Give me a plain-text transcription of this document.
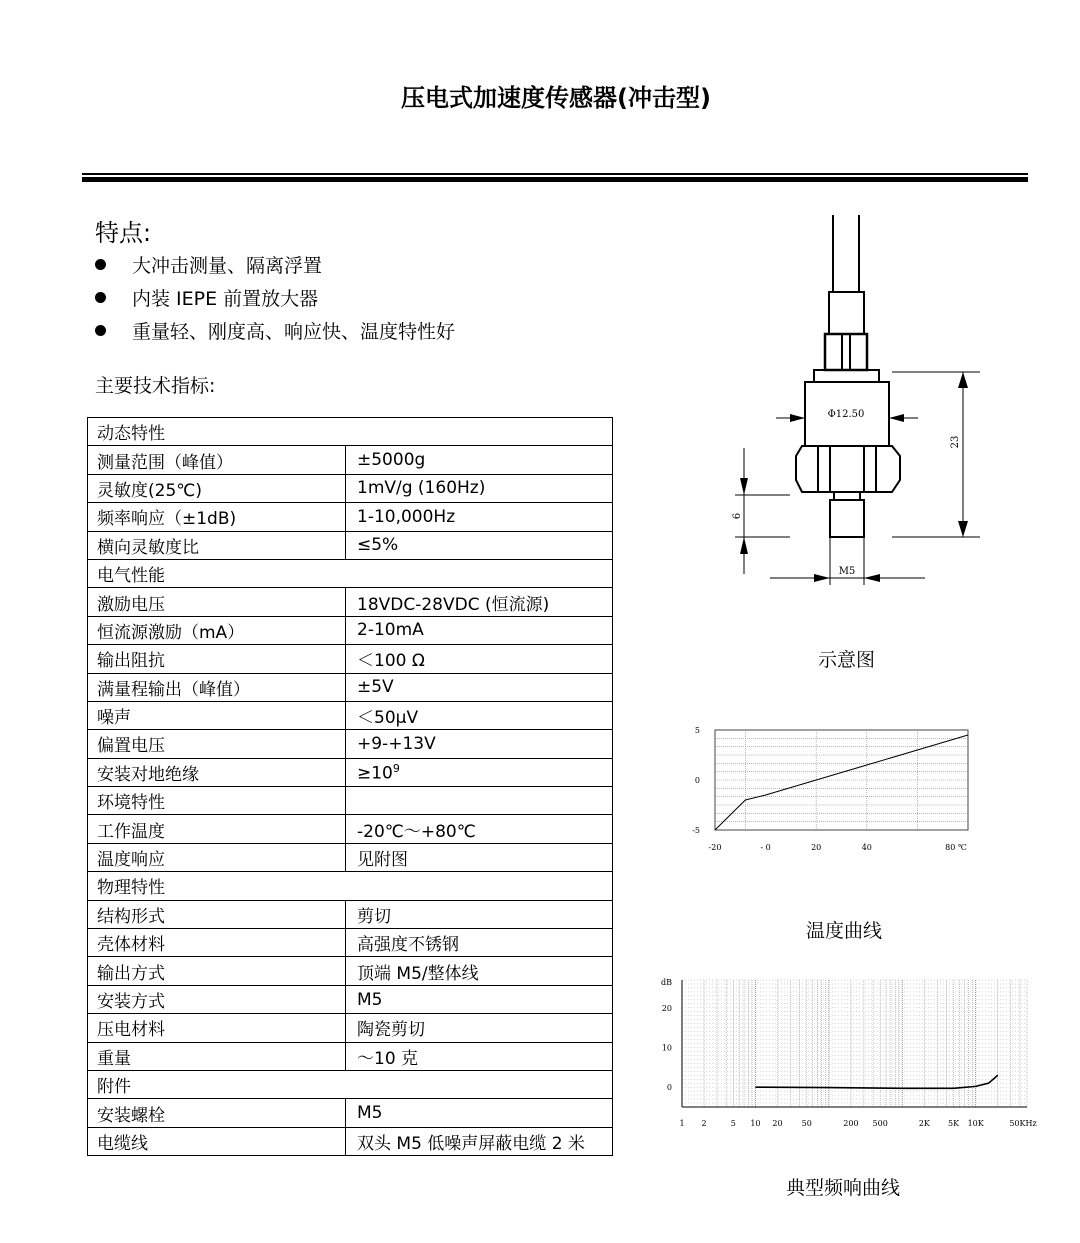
压电式加速度传感器(冲击型)
特点:
大冲击测量、隔离浮置
内装 IEPE 前置放大器
重量轻、刚度高、响应快、温度特性好
主要技术指标:
动态特性	
测量范围（峰值）	±5000g
灵敏度(25℃)	1mV/g (160Hz)
频率响应（±1dB)	1-10,000Hz
横向灵敏度比	≤5%
电气性能	
激励电压	18VDC-28VDC (恒流源)
恒流源激励（mA）	2-10mA
输出阻抗	＜100 Ω
满量程输出（峰值）	±5V
噪声	＜50μV
偏置电压	+9-+13V
安装对地绝缘	$\ge 10^9$
环境特性	
工作温度	-20℃～+80℃
温度响应	见附图
物理特性	
结构形式	剪切
壳体材料	高强度不锈钢
输出方式	顶端 M5/整体线
安装方式	M5
压电材料	陶瓷剪切
重量	～10 克
附件	
安装螺栓	M5
电缆线	双头 M5 低噪声屏蔽电缆 2 米
Φ12.50
23
6
M5
示意图
5
0
-5
-20	- 0	20	40	80 ℃
温度曲线
dB
20
10
0
1 2	5 10 20 50	200 500	2K 5K 10K	50KHz
典型频响曲线
